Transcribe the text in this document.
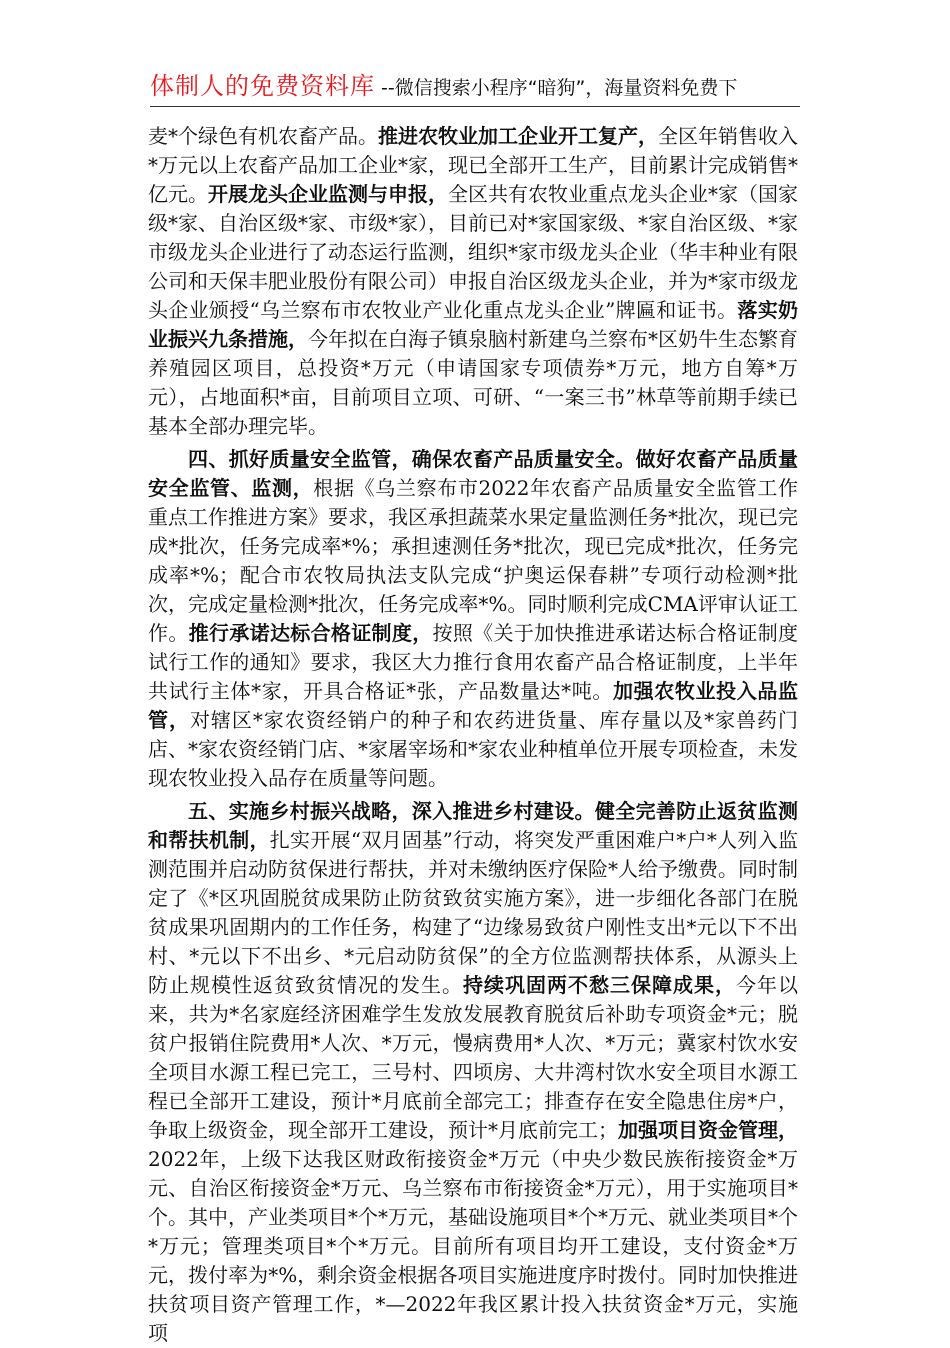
体制人的免费资料库 --微信搜索小程序“暗狗”，海量资料免费下

麦*个绿色有机农畜产品。推进农牧业加工企业开工复产，全区年销售收入*万元以上农畜产品加工企业*家，现已全部开工生产，目前累计完成销售*亿元。开展龙头企业监测与申报，全区共有农牧业重点龙头企业*家（国家级*家、自治区级*家、市级*家），目前已对*家国家级、*家自治区级、*家市级龙头企业进行了动态运行监测，组织*家市级龙头企业（华丰种业有限公司和天保丰肥业股份有限公司）申报自治区级龙头企业，并为*家市级龙头企业颁授“乌兰察布市农牧业产业化重点龙头企业”牌匾和证书。落实奶业振兴九条措施，今年拟在白海子镇泉脑村新建乌兰察布*区奶牛生态繁育养殖园区项目，总投资*万元（申请国家专项债券*万元，地方自筹*万元），占地面积*亩，目前项目立项、可研、“一案三书”林草等前期手续已基本全部办理完毕。

四、抓好质量安全监管，确保农畜产品质量安全。做好农畜产品质量安全监管、监测，根据《乌兰察布市2022年农畜产品质量安全监管工作重点工作推进方案》要求，我区承担蔬菜水果定量监测任务*批次，现已完成*批次，任务完成率*%；承担速测任务*批次，现已完成*批次，任务完成率*%；配合市农牧局执法支队完成“护奥运保春耕”专项行动检测*批次，完成定量检测*批次，任务完成率*%。同时顺利完成CMA评审认证工作。推行承诺达标合格证制度，按照《关于加快推进承诺达标合格证制度试行工作的通知》要求，我区大力推行食用农畜产品合格证制度，上半年共试行主体*家，开具合格证*张，产品数量达*吨。加强农牧业投入品监管，对辖区*家农资经销户的种子和农药进货量、库存量以及*家兽药门店、*家农资经销门店、*家屠宰场和*家农业种植单位开展专项检查，未发现农牧业投入品存在质量等问题。

五、实施乡村振兴战略，深入推进乡村建设。健全完善防止返贫监测和帮扶机制，扎实开展“双月固基”行动，将突发严重困难户*户*人列入监测范围并启动防贫保进行帮扶，并对未缴纳医疗保险*人给予缴费。同时制定了《*区巩固脱贫成果防止防贫致贫实施方案》，进一步细化各部门在脱贫成果巩固期内的工作任务，构建了“边缘易致贫户刚性支出*元以下不出村、*元以下不出乡、*元启动防贫保”的全方位监测帮扶体系，从源头上防止规模性返贫致贫情况的发生。持续巩固两不愁三保障成果，今年以来，共为*名家庭经济困难学生发放发展教育脱贫后补助专项资金*元；脱贫户报销住院费用*人次、*万元，慢病费用*人次、*万元；冀家村饮水安全项目水源工程已完工，三号村、四顷房、大井湾村饮水安全项目水源工程已全部开工建设，预计*月底前全部完工；排查存在安全隐患住房*户，争取上级资金，现全部开工建设，预计*月底前完工；加强项目资金管理，2022年，上级下达我区财政衔接资金*万元（中央少数民族衔接资金*万元、自治区衔接资金*万元、乌兰察布市衔接资金*万元），用于实施项目*个。其中，产业类项目*个*万元，基础设施项目*个*万元、就业类项目*个*万元；管理类项目*个*万元。目前所有项目均开工建设，支付资金*万元，拨付率为*%，剩余资金根据各项目实施进度序时拨付。同时加快推进扶贫项目资产管理工作，*—2022年我区累计投入扶贫资金*万元，实施项
